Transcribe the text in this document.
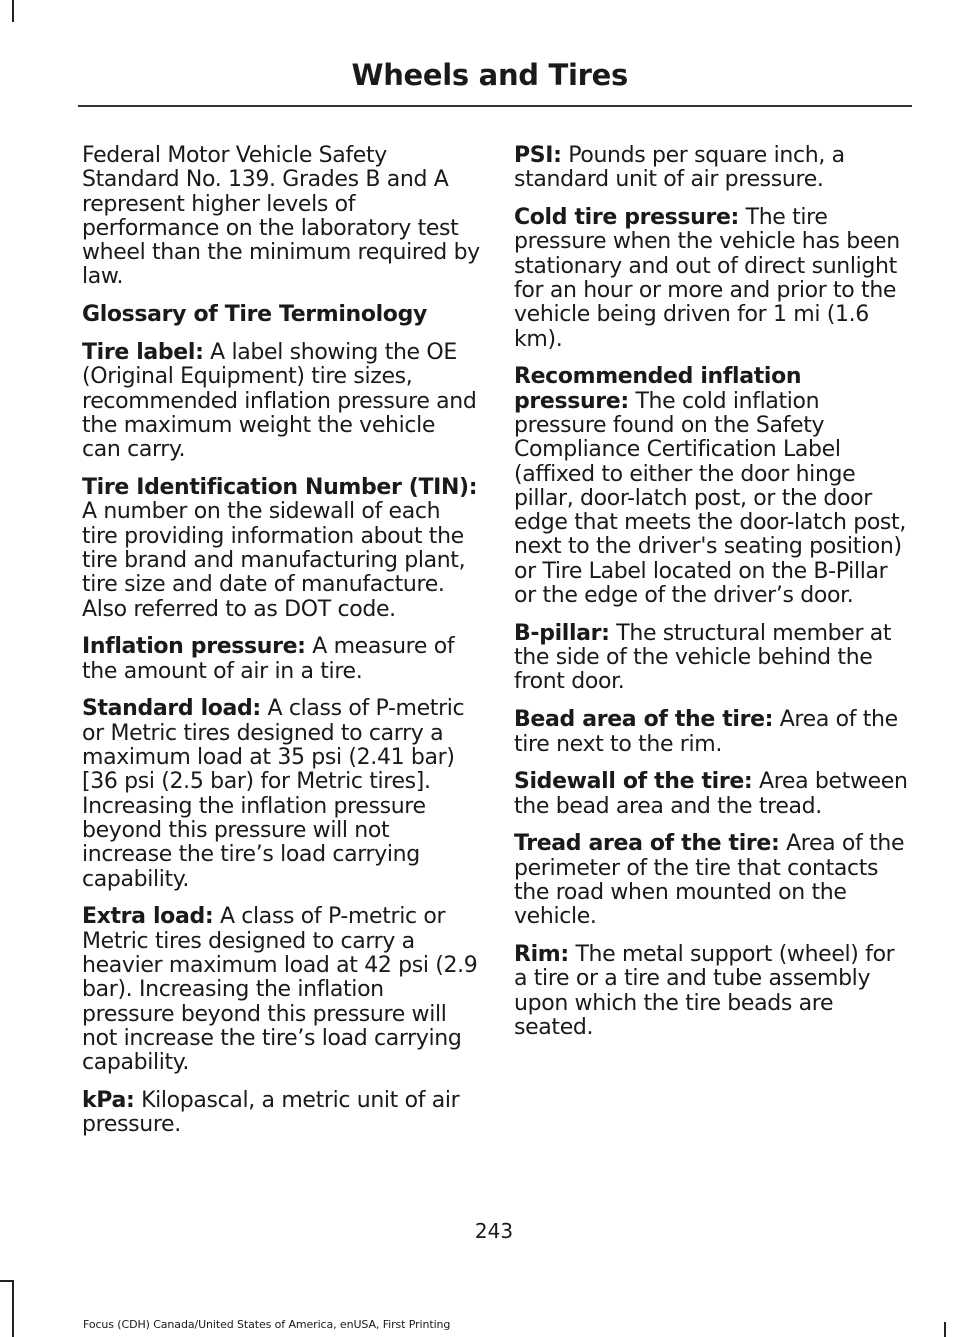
Wheels and Tires

Federal Motor Vehicle Safety Standard No. 139. Grades B and A represent higher levels of performance on the laboratory test wheel than the minimum required by law.

Glossary of Tire Terminology

Tire label: A label showing the OE (Original Equipment) tire sizes, recommended inflation pressure and the maximum weight the vehicle can carry.

Tire Identification Number (TIN): A number on the sidewall of each tire providing information about the tire brand and manufacturing plant, tire size and date of manufacture. Also referred to as DOT code.

Inflation pressure: A measure of the amount of air in a tire.

Standard load: A class of P-metric or Metric tires designed to carry a maximum load at 35 psi (2.41 bar)[36 psi (2.5 bar) for Metric tires]. Increasing the inflation pressure beyond this pressure will not increase the tire’s load carrying capability.

Extra load: A class of P-metric or Metric tires designed to carry a heavier maximum load at 42 psi (2.9 bar). Increasing the inflation pressure beyond this pressure will not increase the tire’s load carrying capability.

kPa: Kilopascal, a metric unit of air pressure.

PSI: Pounds per square inch, a standard unit of air pressure.

Cold tire pressure: The tire pressure when the vehicle has been stationary and out of direct sunlight for an hour or more and prior to the vehicle being driven for 1 mi (1.6 km).

Recommended inflation pressure: The cold inflation pressure found on the Safety Compliance Certification Label (affixed to either the door hinge pillar, door-latch post, or the door edge that meets the door-latch post, next to the driver's seating position) or Tire Label located on the B-Pillar or the edge of the driver’s door.

B-pillar: The structural member at the side of the vehicle behind the front door.

Bead area of the tire: Area of the tire next to the rim.

Sidewall of the tire: Area between the bead area and the tread.

Tread area of the tire: Area of the perimeter of the tire that contacts the road when mounted on the vehicle.

Rim: The metal support (wheel) for a tire or a tire and tube assembly upon which the tire beads are seated.

243

Focus (CDH) Canada/United States of America, enUSA, First Printing
